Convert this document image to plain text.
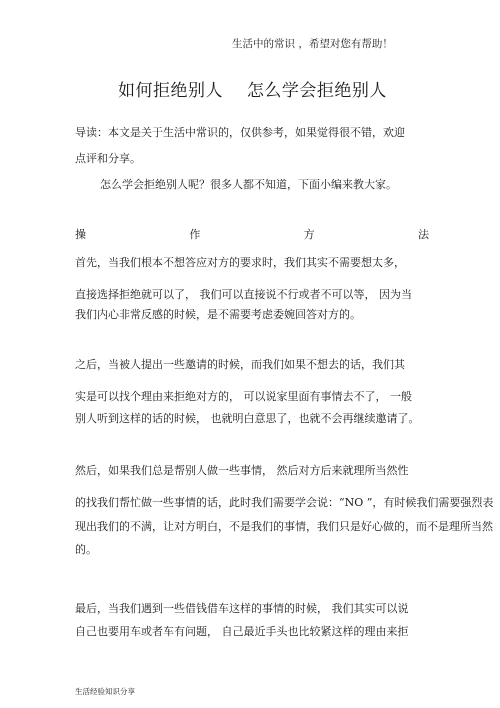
生活中的常识 ，希望对您有帮助！
如何拒绝别人 怎么学会拒绝别人
导读：本文是关于生活中常识的，仅供参考，如果觉得很不错，欢迎
点评和分享。
怎么学会拒绝别人呢？很多人都不知道，下面小编来教大家。
操	作	方	法
首先，当我们根本不想答应对方的要求时，我们其实不需要想太多，
直接选择拒绝就可以了， 我们可以直接说不行或者不可以等， 因为当
我们内心非常反感的时候，是不需要考虑委婉回答对方的。
之后，当被人提出一些邀请的时候，而我们如果不想去的话，我们其
实是可以找个理由来拒绝对方的， 可以说家里面有事情去不了， 一般
别人听到这样的话的时候， 也就明白意思了，也就不会再继续邀请了。
然后，如果我们总是帮别人做一些事情， 然后对方后来就理所当然性
的找我们帮忙做一些事情的话，此时我们需要学会说：“NO ”，有时候我们需要强烈表
现出我们的不满，让对方明白，不是我们的事情，我们只是好心做的，而不是理所当然
的。
最后，当我们遇到一些借钱借车这样的事情的时候， 我们其实可以说
自己也要用车或者车有问题， 自己最近手头也比较紧这样的理由来拒
生活经验知识分享
